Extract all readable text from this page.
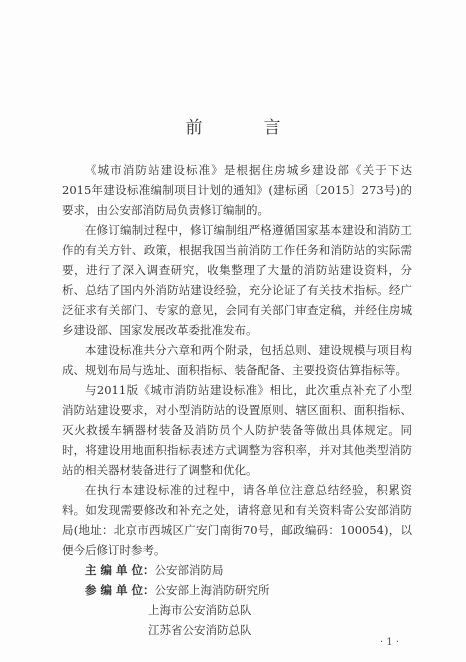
前　言

《城市消防站建设标准》是根据住房城乡建设部《关于下达2015年建设标准编制项目计划的通知》(建标函〔2015〕273号)的要求，由公安部消防局负责修订编制的。

在修订编制过程中，修订编制组严格遵循国家基本建设和消防工作的有关方针、政策，根据我国当前消防工作任务和消防站的实际需要，进行了深入调查研究，收集整理了大量的消防站建设资料，分析、总结了国内外消防站建设经验，充分论证了有关技术指标。经广泛征求有关部门、专家的意见，会同有关部门审查定稿，并经住房城乡建设部、国家发展改革委批准发布。

本建设标准共分六章和两个附录，包括总则、建设规模与项目构成、规划布局与选址、面积指标、装备配备、主要投资估算指标等。

与2011版《城市消防站建设标准》相比，此次重点补充了小型消防站建设要求，对小型消防站的设置原则、辖区面积、面积指标、灭火救援车辆器材装备及消防员个人防护装备等做出具体规定。同时，将建设用地面积指标表述方式调整为容积率，并对其他类型消防站的相关器材装备进行了调整和优化。

在执行本建设标准的过程中，请各单位注意总结经验，积累资料。如发现需要修改和补充之处，请将意见和有关资料寄公安部消防局(地址：北京市西城区广安门南街70号，邮政编码：100054)，以便今后修订时参考。

主 编 单 位： 公安部消防局
参 编 单 位： 公安部上海消防研究所
上海市公安消防总队
江苏省公安消防总队
· 1 ·
